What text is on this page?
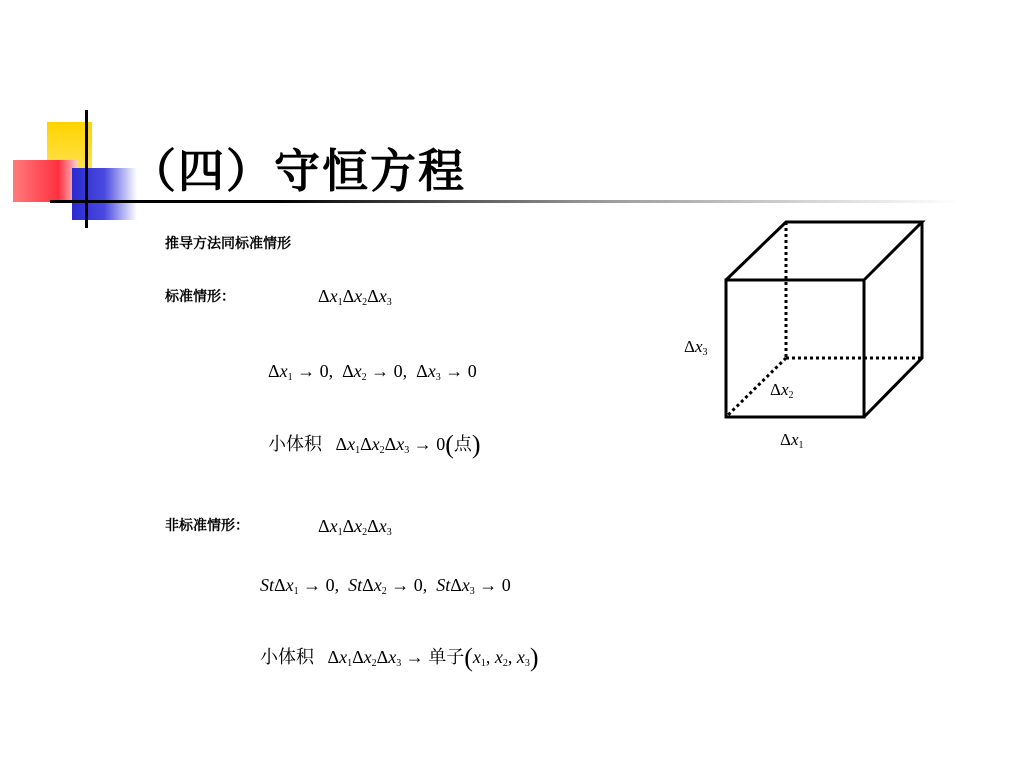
（四）守恒方程
推导方法同标准情形
标准情形：	$\Delta x_1\Delta x_2\Delta x_3$
$\Delta x_1 \to 0$,  $\Delta x_2 \to 0$,  $\Delta x_3 \to 0$
小体积 $\Delta x_1\Delta x_2\Delta x_3 \to 0$(点)
非标准情形：	$\Delta x_1\Delta x_2\Delta x_3$
StΔx$_1$ → 0,  StΔx$_2$ → 0,  StΔx$_3$ → 0
小体积 $\Delta x_1\Delta x_2\Delta x_3$ → 单子($x_1$, $x_2$, $x_3$)
$\Delta x_3$
$\Delta x_2$
$\Delta x_1$
